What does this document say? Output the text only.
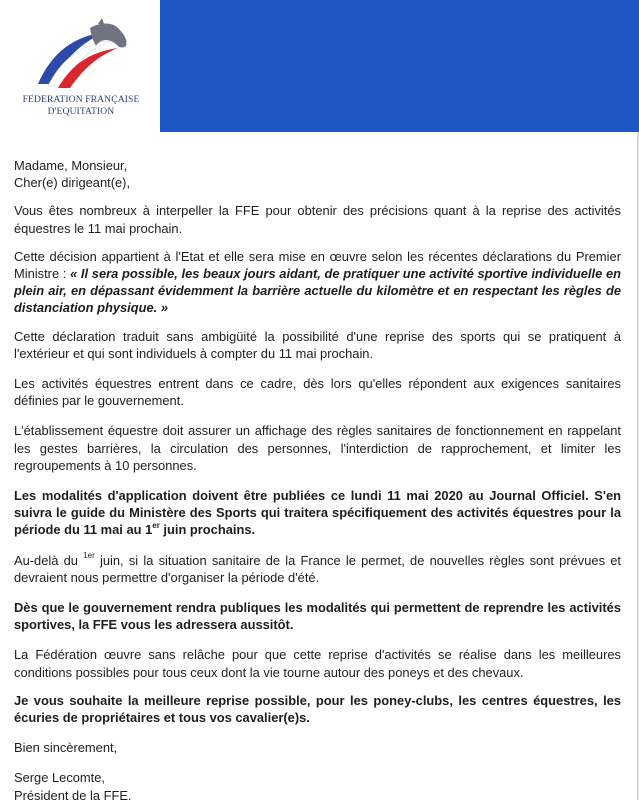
FEDERATION FRANÇAISE
D'EQUITATION

Madame, Monsieur,

Cher(e) dirigeant(e),

Vous êtes nombreux à interpeller la FFE pour obtenir des précisions quant à la reprise des activités équestres le 11 mai prochain.

Cette décision appartient à l'Etat et elle sera mise en œuvre selon les récentes déclarations du Premier Ministre : « Il sera possible, les beaux jours aidant, de pratiquer une activité sportive individuelle en plein air, en dépassant évidemment la barrière actuelle du kilomètre et en respectant les règles de distanciation physique. »

Cette déclaration traduit sans ambigüité la possibilité d'une reprise des sports qui se pratiquent à l'extérieur et qui sont individuels à compter du 11 mai prochain.

Les activités équestres entrent dans ce cadre, dès lors qu'elles répondent aux exigences sanitaires définies par le gouvernement.

L'établissement équestre doit assurer un affichage des règles sanitaires de fonctionnement en rappelant les gestes barrières, la circulation des personnes, l'interdiction de rapprochement, et limiter les regroupements à 10 personnes.

Les modalités d'application doivent être publiées ce lundi 11 mai 2020 au Journal Officiel. S'en suivra le guide du Ministère des Sports qui traitera spécifiquement des activités équestres pour la période du 11 mai au 1er juin prochains.

Au-delà du $^{1er}$ juin, si la situation sanitaire de la France le permet, de nouvelles règles sont prévues et devraient nous permettre d'organiser la période d'été.

Dès que le gouvernement rendra publiques les modalités qui permettent de reprendre les activités sportives, la FFE vous les adressera aussitôt.

La Fédération œuvre sans relâche pour que cette reprise d'activités se réalise dans les meilleures conditions possibles pour tous ceux dont la vie tourne autour des poneys et des chevaux.

Je vous souhaite la meilleure reprise possible, pour les poney-clubs, les centres équestres, les écuries de propriétaires et tous vos cavalier(e)s.

Bien sincèrement,

Serge Lecomte,

Président de la FFE.
